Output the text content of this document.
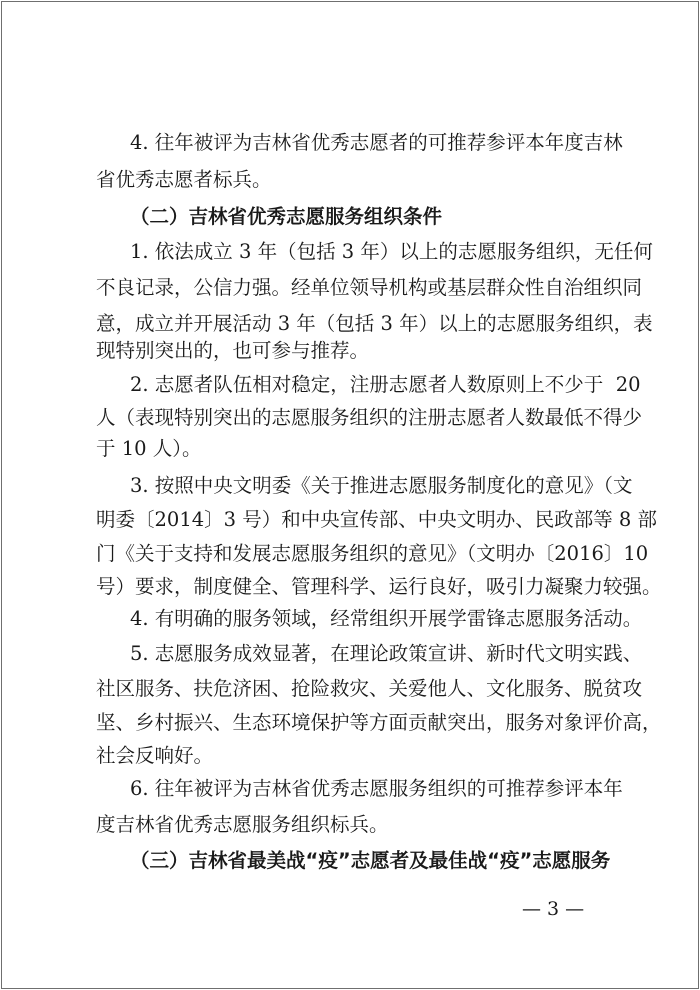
4. 往年被评为吉林省优秀志愿者的可推荐参评本年度吉林
省优秀志愿者标兵。
（二）吉林省优秀志愿服务组织条件
1. 依法成立 3 年（包括 3 年）以上的志愿服务组织，无任何
不良记录，公信力强。经单位领导机构或基层群众性自治组织同
意，成立并开展活动 3 年（包括 3 年）以上的志愿服务组织，表
现特别突出的，也可参与推荐。
2. 志愿者队伍相对稳定，注册志愿者人数原则上不少于  20
人（表现特别突出的志愿服务组织的注册志愿者人数最低不得少
于 10 人）。
3. 按照中央文明委《关于推进志愿服务制度化的意见》（文
明委〔2014〕3 号）和中央宣传部、中央文明办、民政部等 8 部
门《关于支持和发展志愿服务组织的意见》（文明办〔2016〕10
号）要求，制度健全、管理科学、运行良好，吸引力凝聚力较强。
4. 有明确的服务领域，经常组织开展学雷锋志愿服务活动。
5. 志愿服务成效显著，在理论政策宣讲、新时代文明实践、
社区服务、扶危济困、抢险救灾、关爱他人、文化服务、脱贫攻
坚、乡村振兴、生态环境保护等方面贡献突出，服务对象评价高，
社会反响好。
6. 往年被评为吉林省优秀志愿服务组织的可推荐参评本年
度吉林省优秀志愿服务组织标兵。
（三）吉林省最美战“疫”志愿者及最佳战“疫”志愿服务
— 3 —
